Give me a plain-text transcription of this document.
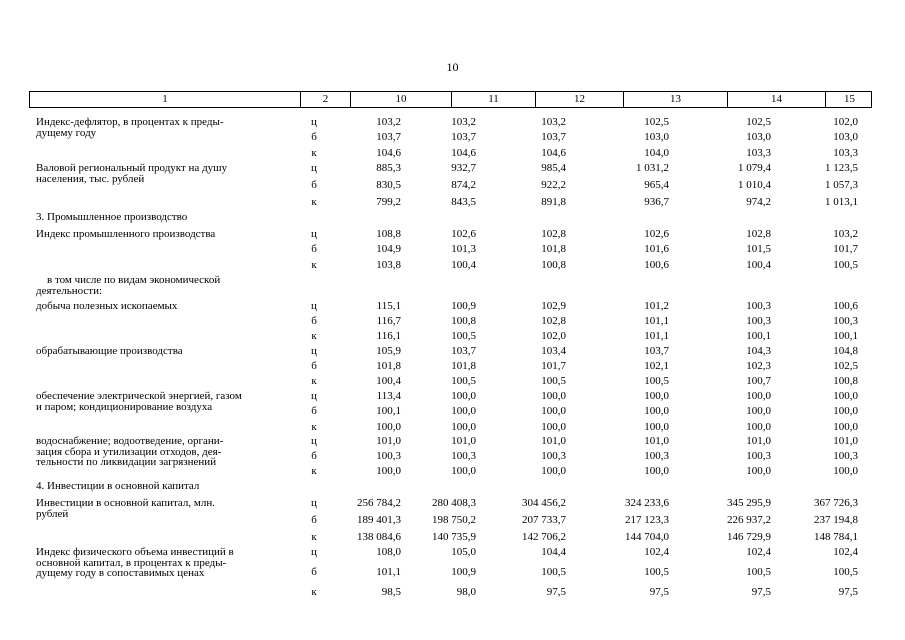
10
1	2	10	11	12	13	14	15
Индекс-дефлятор, в процентах к преды-
дущему году
ц	103,2	103,2	103,2	102,5	102,5	102,0
б	103,7	103,7	103,7	103,0	103,0	103,0
к	104,6	104,6	104,6	104,0	103,3	103,3
Валовой региональный продукт на душу
населения, тыс. рублей
ц	885,3	932,7	985,4	1 031,2	1 079,4	1 123,5
б	830,5	874,2	922,2	965,4	1 010,4	1 057,3
к	799,2	843,5	891,8	936,7	974,2	1 013,1
3. Промышленное производство
Индекс промышленного производства	ц	108,8	102,6	102,8	102,6	102,8	103,2
б	104,9	101,3	101,8	101,6	101,5	101,7
к	103,8	100,4	100,8	100,6	100,4	100,5
в том числе по видам экономической
деятельности:
добыча полезных ископаемых	ц	115,1	100,9	102,9	101,2	100,3	100,6
б	116,7	100,8	102,8	101,1	100,3	100,3
к	116,1	100,5	102,0	101,1	100,1	100,1
обрабатывающие производства	ц	105,9	103,7	103,4	103,7	104,3	104,8
б	101,8	101,8	101,7	102,1	102,3	102,5
к	100,4	100,5	100,5	100,5	100,7	100,8
обеспечение электрической энергией, газом
и паром; кондиционирование воздуха
ц	113,4	100,0	100,0	100,0	100,0	100,0
б	100,1	100,0	100,0	100,0	100,0	100,0
к	100,0	100,0	100,0	100,0	100,0	100,0
водоснабжение; водоотведение, органи-
зация сбора и утилизации отходов, дея-
тельности по ликвидации загрязнений
ц	101,0	101,0	101,0	101,0	101,0	101,0
б	100,3	100,3	100,3	100,3	100,3	100,3
к	100,0	100,0	100,0	100,0	100,0	100,0
4. Инвестиции в основной капитал
Инвестиции в основной капитал, млн.
рублей
ц	256 784,2	280 408,3	304 456,2	324 233,6	345 295,9	367 726,3
б	189 401,3	198 750,2	207 733,7	217 123,3	226 937,2	237 194,8
к	138 084,6	140 735,9	142 706,2	144 704,0	146 729,9	148 784,1
Индекс физического объема инвестиций в
основной капитал, в процентах к преды-
дущему году в сопоставимых ценах
ц	108,0	105,0	104,4	102,4	102,4	102,4
б	101,1	100,9	100,5	100,5	100,5	100,5
к	98,5	98,0	97,5	97,5	97,5	97,5
